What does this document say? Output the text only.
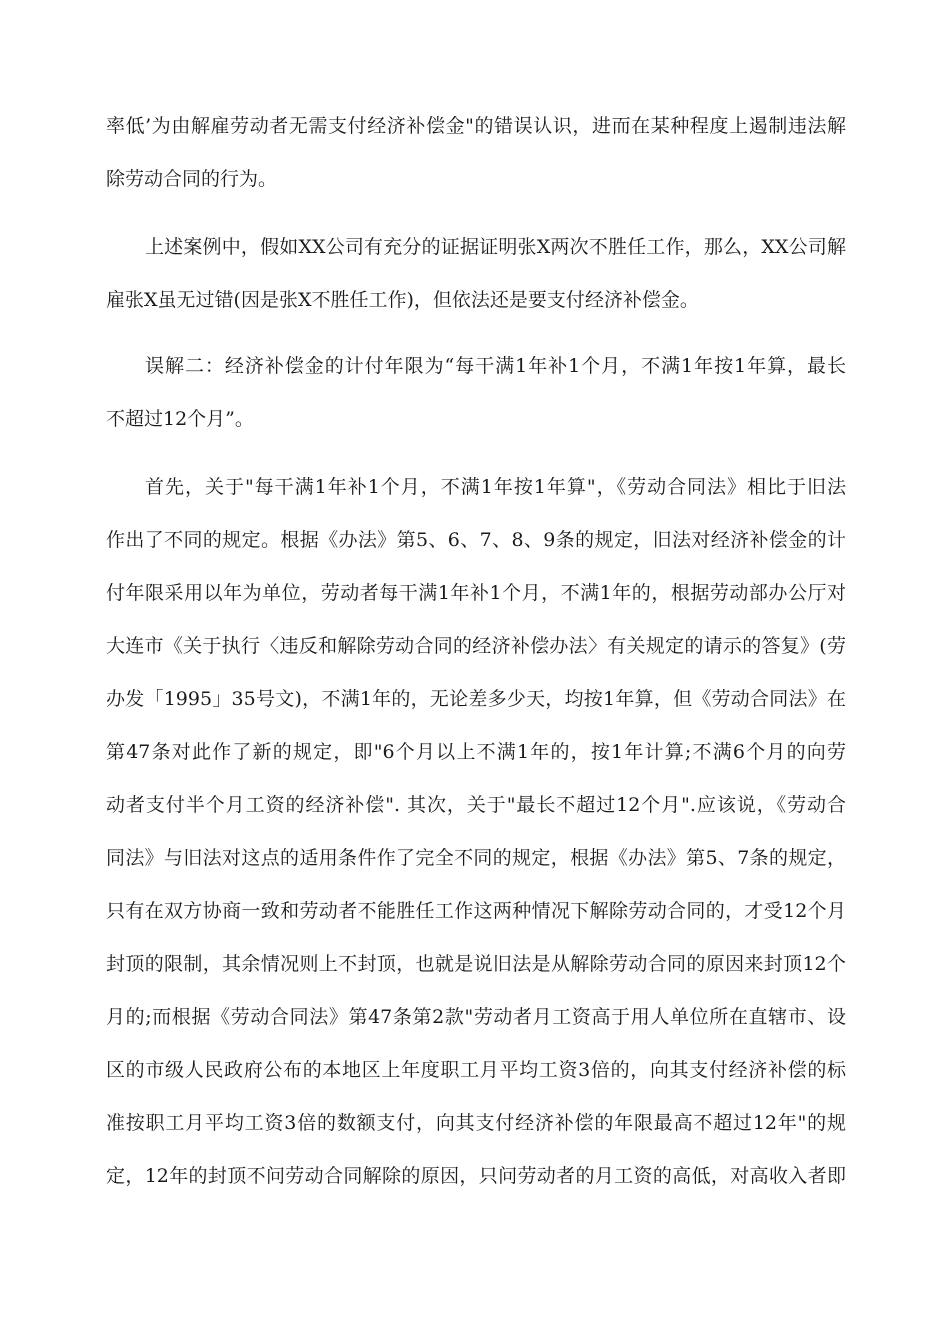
率低’为由解雇劳动者无需支付经济补偿金"的错误认识，进而在某种程度上遏制违法解
除劳动合同的行为。
上述案例中，假如XX公司有充分的证据证明张X两次不胜任工作，那么，XX公司解
雇张X虽无过错(因是张X不胜任工作)，但依法还是要支付经济补偿金。
误解二：经济补偿金的计付年限为“每干满1年补1个月，不满1年按1年算，最长
不超过12个月”。
首先，关于"每干满1年补1个月，不满1年按1年算"，《劳动合同法》相比于旧法
作出了不同的规定。根据《办法》第5、6、7、8、9条的规定，旧法对经济补偿金的计
付年限采用以年为单位，劳动者每干满1年补1个月，不满1年的，根据劳动部办公厅对
大连市《关于执行〈违反和解除劳动合同的经济补偿办法〉有关规定的请示的答复》(劳
办发「1995」35号文)，不满1年的，无论差多少天，均按1年算，但《劳动合同法》在
第47条对此作了新的规定，即"6个月以上不满1年的，按1年计算;不满6个月的向劳
动者支付半个月工资的经济补偿". 其次，关于"最长不超过12个月".应该说，《劳动合
同法》与旧法对这点的适用条件作了完全不同的规定，根据《办法》第5、7条的规定，
只有在双方协商一致和劳动者不能胜任工作这两种情况下解除劳动合同的，才受12个月
封顶的限制，其余情况则上不封顶，也就是说旧法是从解除劳动合同的原因来封顶12个
月的;而根据《劳动合同法》第47条第2款"劳动者月工资高于用人单位所在直辖市、设
区的市级人民政府公布的本地区上年度职工月平均工资3倍的，向其支付经济补偿的标
准按职工月平均工资3倍的数额支付，向其支付经济补偿的年限最高不超过12年"的规
定，12年的封顶不问劳动合同解除的原因，只问劳动者的月工资的高低，对高收入者即
